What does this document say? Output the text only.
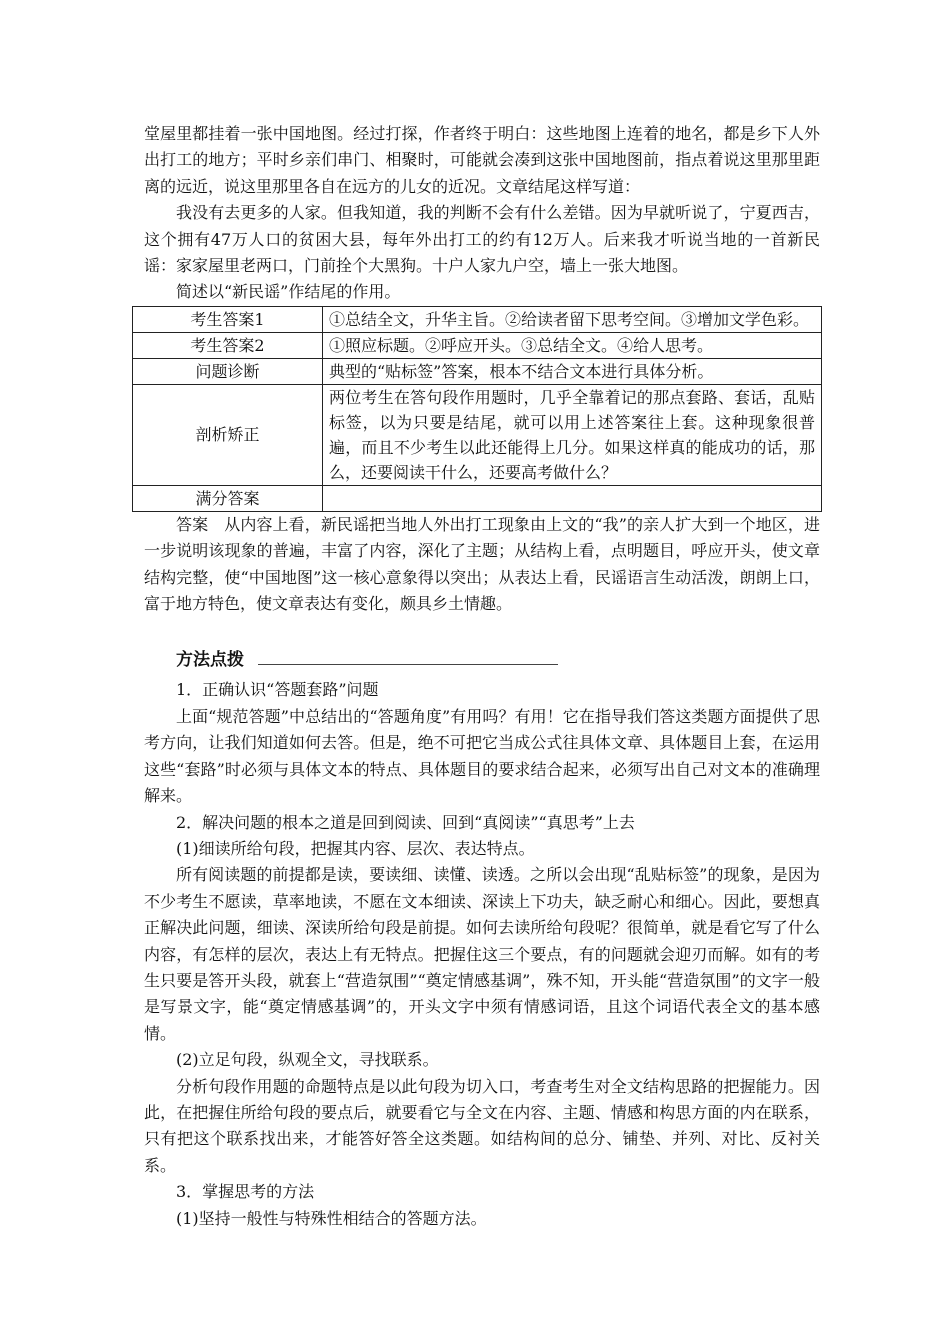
堂屋里都挂着一张中国地图。经过打探，作者终于明白：这些地图上连着的地名，都是乡下人外出打工的地方；平时乡亲们串门、相聚时，可能就会凑到这张中国地图前，指点着说这里那里距离的远近，说这里那里各自在远方的儿女的近况。文章结尾这样写道：

我没有去更多的人家。但我知道，我的判断不会有什么差错。因为早就听说了，宁夏西吉，这个拥有47万人口的贫困大县，每年外出打工的约有12万人。后来我才听说当地的一首新民谣：家家屋里老两口，门前拴个大黑狗。十户人家九户空，墙上一张大地图。

简述以“新民谣”作结尾的作用。

考生答案1	①总结全文，升华主旨。②给读者留下思考空间。③增加文学色彩。
考生答案2	①照应标题。②呼应开头。③总结全文。④给人思考。
问题诊断	典型的“贴标签”答案，根本不结合文本进行具体分析。
剖析矫正	两位考生在答句段作用题时，几乎全靠着记的那点套路、套话，乱贴标签，以为只要是结尾，就可以用上述答案往上套。这种现象很普遍，而且不少考生以此还能得上几分。如果这样真的能成功的话，那么，还要阅读干什么，还要高考做什么？
满分答案	

答案　从内容上看，新民谣把当地人外出打工现象由上文的“我”的亲人扩大到一个地区，进一步说明该现象的普遍，丰富了内容，深化了主题；从结构上看，点明题目，呼应开头，使文章结构完整，使“中国地图”这一核心意象得以突出；从表达上看，民谣语言生动活泼，朗朗上口，富于地方特色，使文章表达有变化，颇具乡土情趣。

方法点拨

1．正确认识“答题套路”问题

上面“规范答题”中总结出的“答题角度”有用吗？有用！它在指导我们答这类题方面提供了思考方向，让我们知道如何去答。但是，绝不可把它当成公式往具体文章、具体题目上套，在运用这些“套路”时必须与具体文本的特点、具体题目的要求结合起来，必须写出自己对文本的准确理解来。

2．解决问题的根本之道是回到阅读、回到“真阅读”“真思考”上去

(1)细读所给句段，把握其内容、层次、表达特点。

所有阅读题的前提都是读，要读细、读懂、读透。之所以会出现“乱贴标签”的现象，是因为不少考生不愿读，草率地读，不愿在文本细读、深读上下功夫，缺乏耐心和细心。因此，要想真正解决此问题，细读、深读所给句段是前提。如何去读所给句段呢？很简单，就是看它写了什么内容，有怎样的层次，表达上有无特点。把握住这三个要点，有的问题就会迎刃而解。如有的考生只要是答开头段，就套上“营造氛围”“奠定情感基调”，殊不知，开头能“营造氛围”的文字一般是写景文字，能“奠定情感基调”的，开头文字中须有情感词语，且这个词语代表全文的基本感情。

(2)立足句段，纵观全文，寻找联系。

分析句段作用题的命题特点是以此句段为切入口，考查考生对全文结构思路的把握能力。因此，在把握住所给句段的要点后，就要看它与全文在内容、主题、情感和构思方面的内在联系，只有把这个联系找出来，才能答好答全这类题。如结构间的总分、铺垫、并列、对比、反衬关系。

3．掌握思考的方法

(1)坚持一般性与特殊性相结合的答题方法。
